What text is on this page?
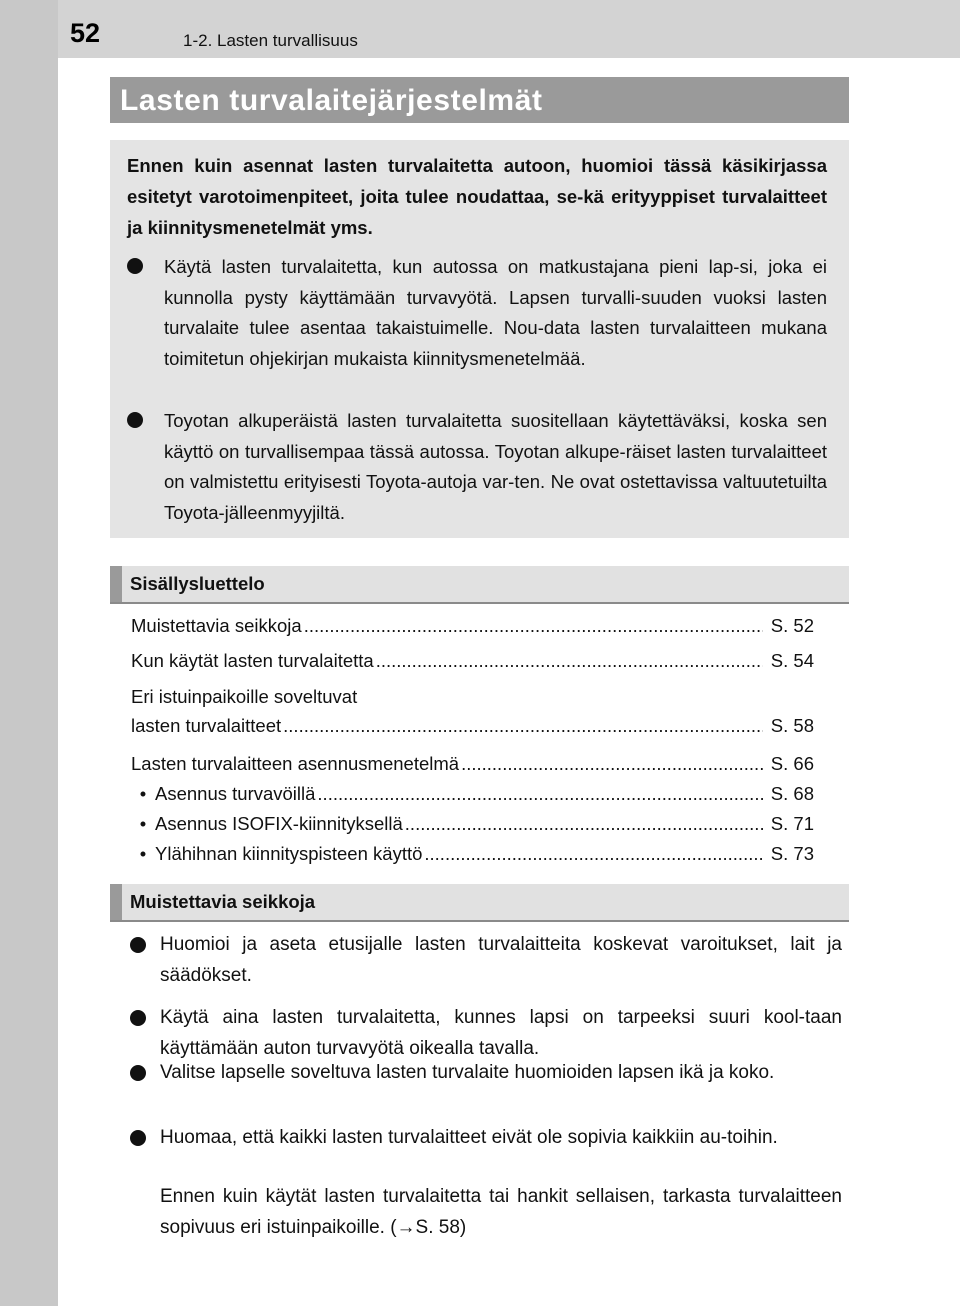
52	1-2. Lasten turvallisuus
Lasten turvalaitejärjestelmät
Ennen kuin asennat lasten turvalaitetta autoon, huomioi tässä käsikirjassa esitetyt varotoimenpiteet, joita tulee noudattaa, se-kä erityyppiset turvalaitteet ja kiinnitysmenetelmät yms.
Käytä lasten turvalaitetta, kun autossa on matkustajana pieni lap-si, joka ei kunnolla pysty käyttämään turvavyötä. Lapsen turvalli-suuden vuoksi lasten turvalaite tulee asentaa takaistuimelle. Nou-data lasten turvalaitteen mukana toimitetun ohjekirjan mukaista kiinnitysmenetelmää.
Toyotan alkuperäistä lasten turvalaitetta suositellaan käytettäväksi, koska sen käyttö on turvallisempaa tässä autossa. Toyotan alkupe-räiset lasten turvalaitteet on valmistettu erityisesti Toyota-autoja var-ten. Ne ovat ostettavissa valtuutetuilta Toyota-jälleenmyyjiltä.
Sisällysluettelo
Muistettavia seikkoja .....	S. 52
Kun käytät lasten turvalaitetta .....	S. 54
Eri istuinpaikoille soveltuvat
lasten turvalaitteet .....	S. 58
Lasten turvalaitteen asennusmenetelmä .....	S. 66
• Asennus turvavöillä .....	S. 68
• Asennus ISOFIX-kiinnityksellä .....	S. 71
• Ylähihnan kiinnityspisteen käyttö .....	S. 73
Muistettavia seikkoja
Huomioi ja aseta etusijalle lasten turvalaitteita koskevat varoitukset, lait ja säädökset.
Käytä aina lasten turvalaitetta, kunnes lapsi on tarpeeksi suuri kool-taan käyttämään auton turvavyötä oikealla tavalla.
Valitse lapselle soveltuva lasten turvalaite huomioiden lapsen ikä ja koko.
Huomaa, että kaikki lasten turvalaitteet eivät ole sopivia kaikkiin au-toihin.
Ennen kuin käytät lasten turvalaitetta tai hankit sellaisen, tarkasta turvalaitteen sopivuus eri istuinpaikoille. (→S. 58)
